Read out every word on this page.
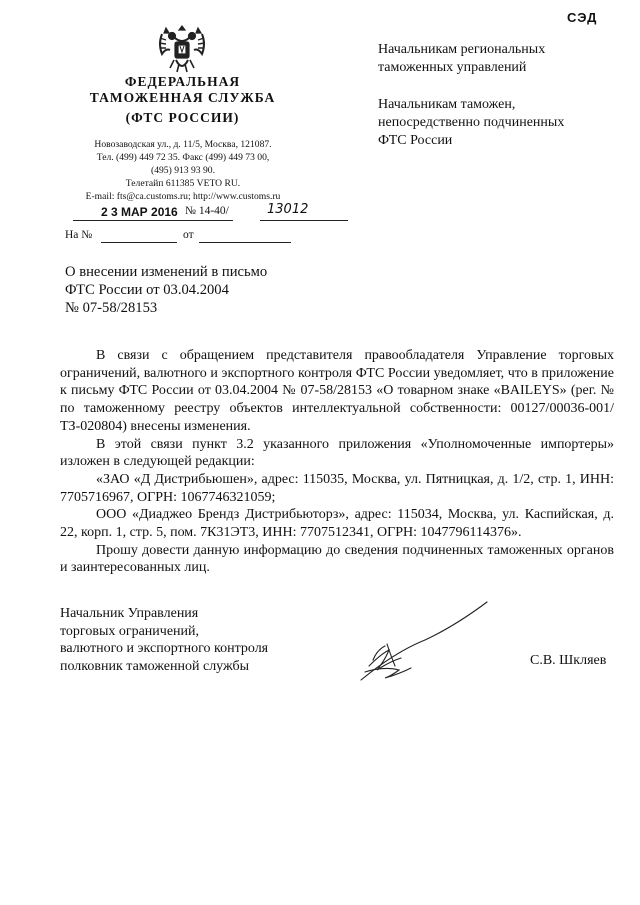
СЭД
ФЕДЕРАЛЬНАЯ
ТАМОЖЕННАЯ СЛУЖБА
(ФТС РОССИИ)
Новозаводская ул., д. 11/5, Москва, 121087.
Тел. (499) 449 72 35. Факс (499) 449 73 00,
(495) 913 93 90.
Телетайп 611385 VETO RU.
E-mail: fts@ca.customs.ru; http://www.customs.ru
2 3 МАР 2016 № 14-40/	13012
На №	от
Начальникам региональных
таможенных управлений
Начальникам таможен,
непосредственно подчиненных
ФТС России
О внесении изменений в письмо
ФТС России от 03.04.2004
№ 07-58/28153

В связи с обращением представителя правообладателя Управление торговых ограничений, валютного и экспортного контроля ФТС России уведомляет, что в приложение к письму ФТС России от 03.04.2004 № 07-58/28153 «О товарном знаке «BAILEYS» (рег. № по таможенному реестру объектов интеллектуальной собственности: 00127/00036-001/ТЗ-020804) внесены изменения.

В этой связи пункт 3.2 указанного приложения «Уполномоченные импортеры» изложен в следующей редакции:

«ЗАО «Д Дистрибьюшен», адрес: 115035, Москва, ул. Пятницкая, д. 1/2, стр. 1, ИНН: 7705716967, ОГРН: 1067746321059;

ООО «Диаджео Брендз Дистрибьюторз», адрес: 115034, Москва, ул. Каспийская, д. 22, корп. 1, стр. 5, пом. 7К31ЭТ3, ИНН: 7707512341, ОГРН: 1047796114376».

Прошу довести данную информацию до сведения подчиненных таможенных органов и заинтересованных лиц.

Начальник Управления
торговых ограничений,
валютного и экспортного контроля
полковник таможенной службы	С.В. Шкляев
